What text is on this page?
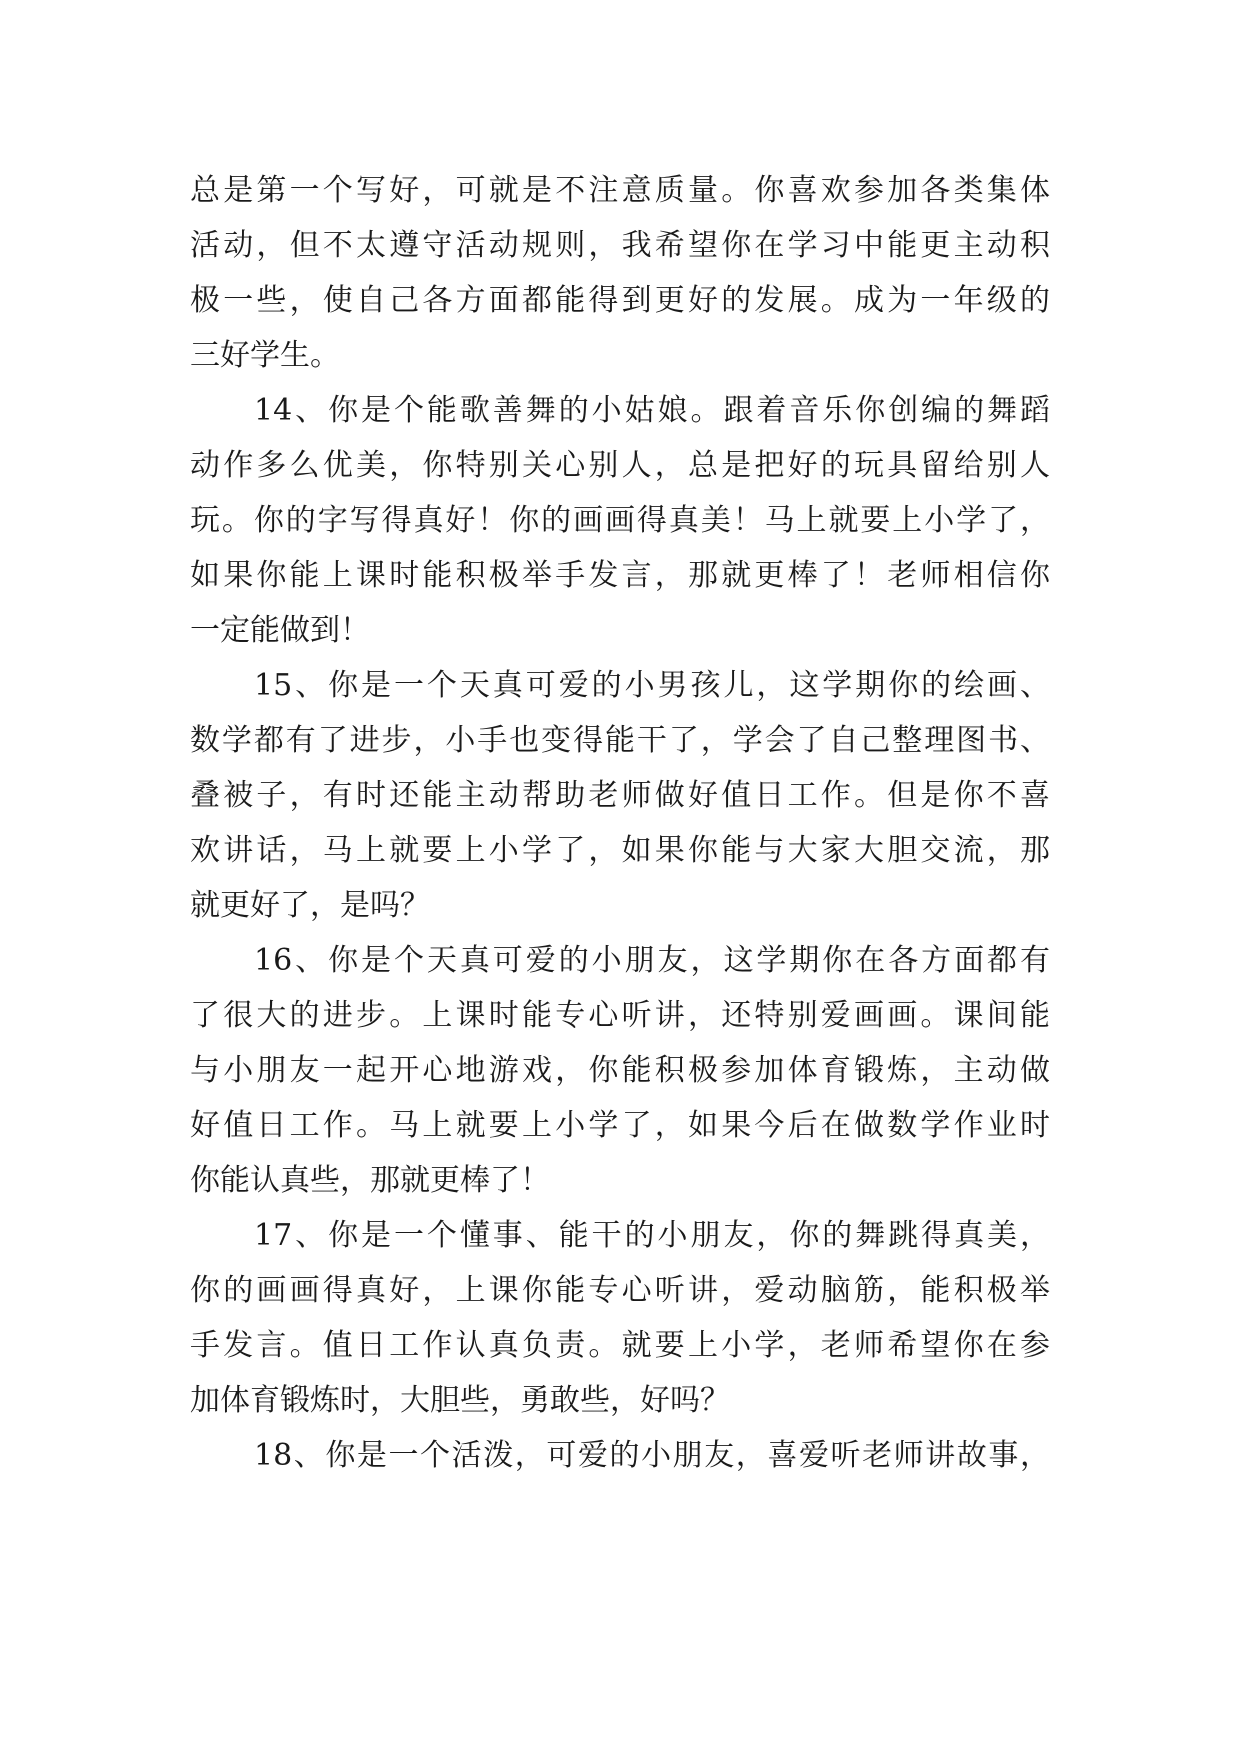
总是第一个写好，可就是不注意质量。你喜欢参加各类集体
活动，但不太遵守活动规则，我希望你在学习中能更主动积
极一些，使自己各方面都能得到更好的发展。成为一年级的
三好学生。
14、你是个能歌善舞的小姑娘。跟着音乐你创编的舞蹈
动作多么优美，你特别关心别人，总是把好的玩具留给别人
玩。你的字写得真好！你的画画得真美！马上就要上小学了，
如果你能上课时能积极举手发言，那就更棒了！老师相信你
一定能做到！
15、你是一个天真可爱的小男孩儿，这学期你的绘画、
数学都有了进步，小手也变得能干了，学会了自己整理图书、
叠被子，有时还能主动帮助老师做好值日工作。但是你不喜
欢讲话，马上就要上小学了，如果你能与大家大胆交流，那
就更好了，是吗？
16、你是个天真可爱的小朋友，这学期你在各方面都有
了很大的进步。上课时能专心听讲，还特别爱画画。课间能
与小朋友一起开心地游戏，你能积极参加体育锻炼，主动做
好值日工作。马上就要上小学了，如果今后在做数学作业时
你能认真些，那就更棒了！
17、你是一个懂事、能干的小朋友，你的舞跳得真美，
你的画画得真好，上课你能专心听讲，爱动脑筋，能积极举
手发言。值日工作认真负责。就要上小学，老师希望你在参
加体育锻炼时，大胆些，勇敢些，好吗？
18、你是一个活泼，可爱的小朋友，喜爱听老师讲故事，
